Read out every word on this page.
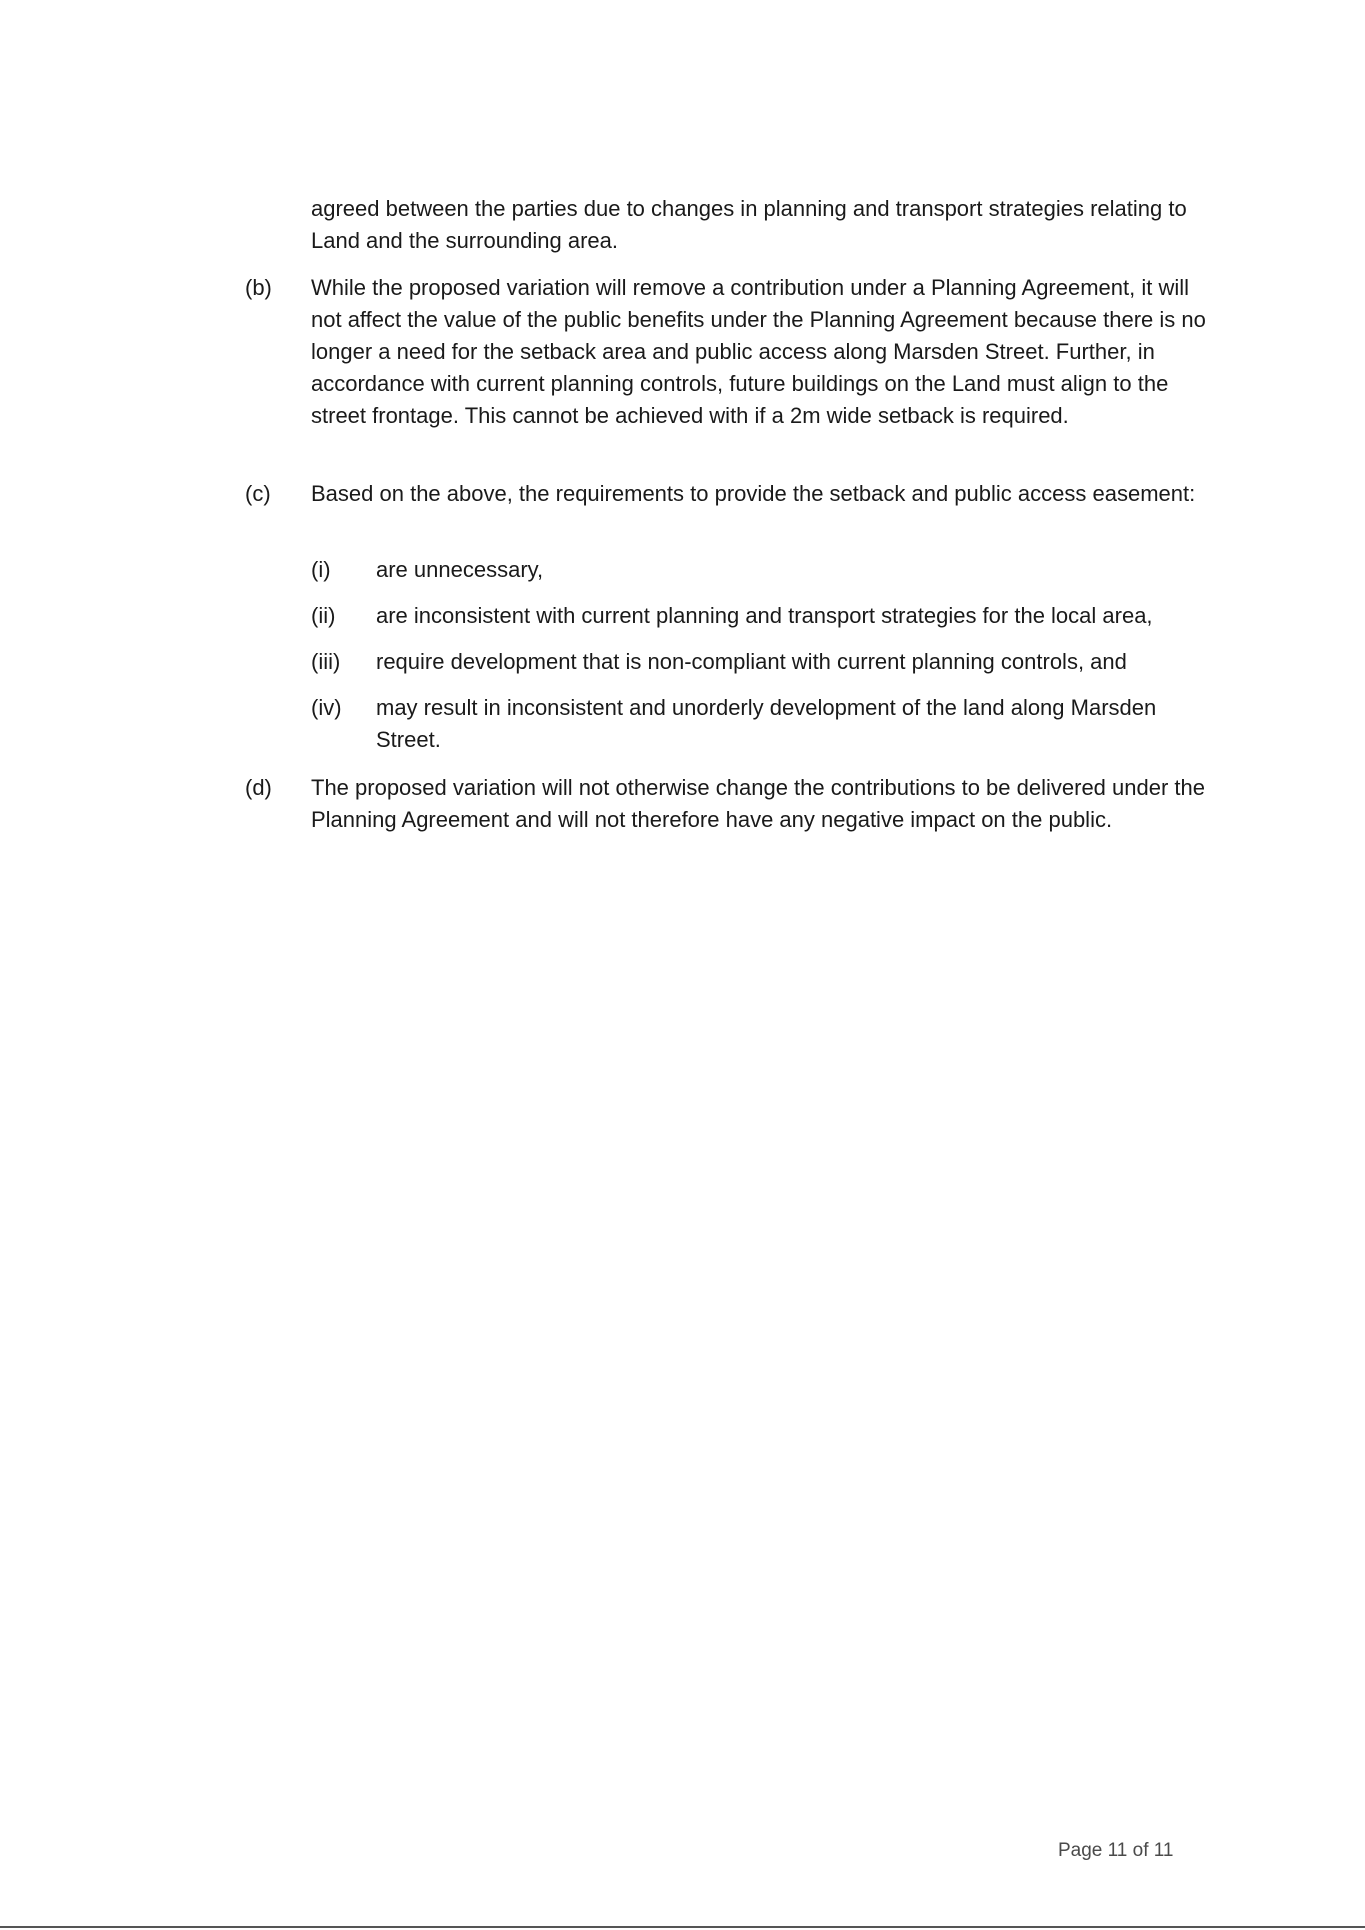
agreed between the parties due to changes in planning and transport strategies relating to Land and the surrounding area.
(b) While the proposed variation will remove a contribution under a Planning Agreement, it will not affect the value of the public benefits under the Planning Agreement because there is no longer a need for the setback area and public access along Marsden Street. Further, in accordance with current planning controls, future buildings on the Land must align to the street frontage. This cannot be achieved with if a 2m wide setback is required.
(c) Based on the above, the requirements to provide the setback and public access easement:
(i) are unnecessary,
(ii) are inconsistent with current planning and transport strategies for the local area,
(iii) require development that is non-compliant with current planning controls, and
(iv) may result in inconsistent and unorderly development of the land along Marsden Street.
(d) The proposed variation will not otherwise change the contributions to be delivered under the Planning Agreement and will not therefore have any negative impact on the public.
Page 11 of 11
